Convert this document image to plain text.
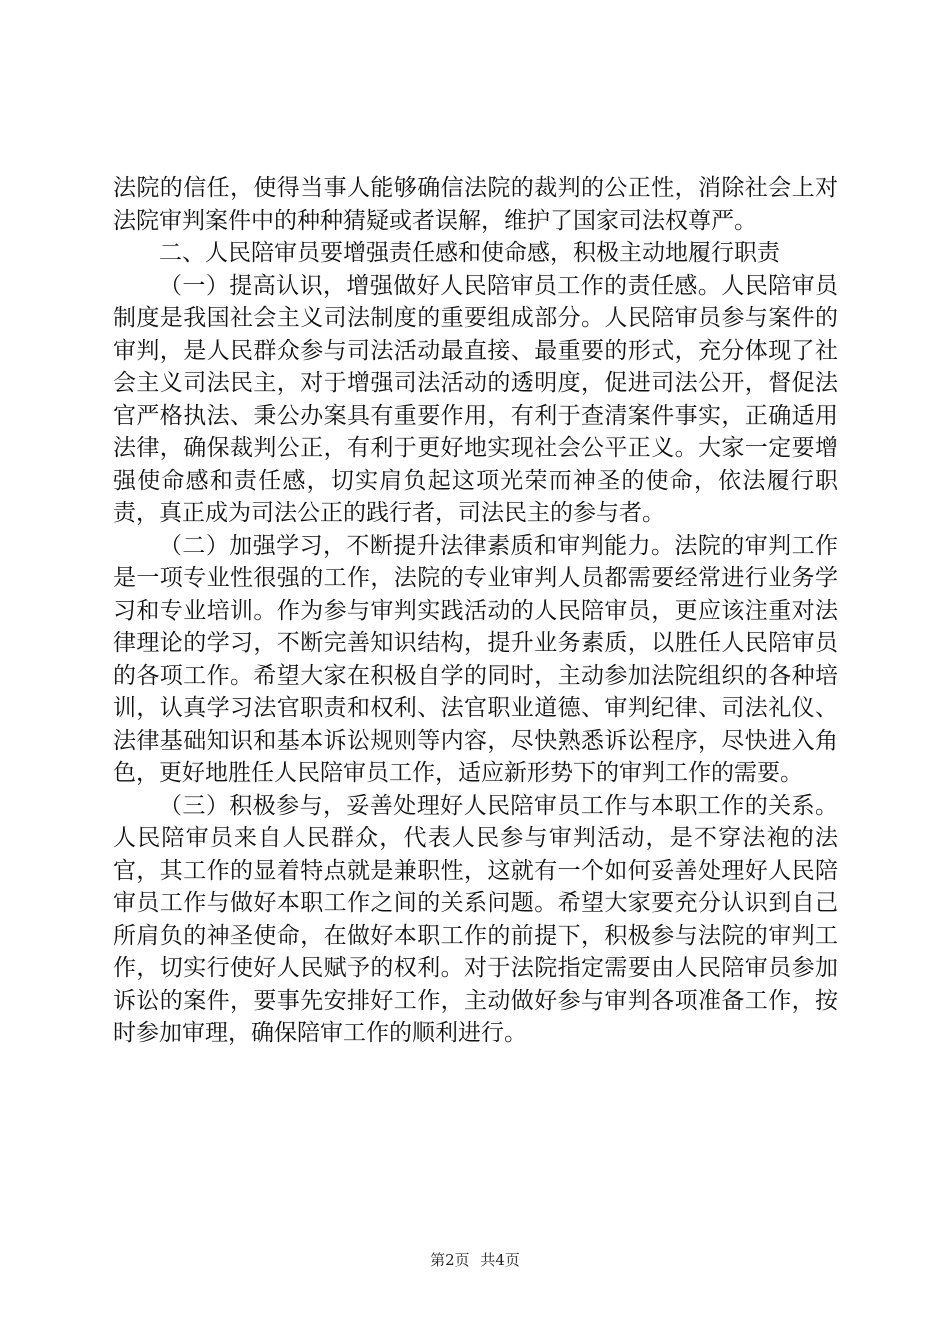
法院的信任，使得当事人能够确信法院的裁判的公正性，消除社会上对法院审判案件中的种种猜疑或者误解，维护了国家司法权尊严。

二、人民陪审员要增强责任感和使命感，积极主动地履行职责

（一）提高认识，增强做好人民陪审员工作的责任感。人民陪审员制度是我国社会主义司法制度的重要组成部分。人民陪审员参与案件的审判，是人民群众参与司法活动最直接、最重要的形式，充分体现了社会主义司法民主，对于增强司法活动的透明度，促进司法公开，督促法官严格执法、秉公办案具有重要作用，有利于查清案件事实，正确适用法律，确保裁判公正，有利于更好地实现社会公平正义。大家一定要增强使命感和责任感，切实肩负起这项光荣而神圣的使命，依法履行职责，真正成为司法公正的践行者，司法民主的参与者。

（二）加强学习，不断提升法律素质和审判能力。法院的审判工作是一项专业性很强的工作，法院的专业审判人员都需要经常进行业务学习和专业培训。作为参与审判实践活动的人民陪审员，更应该注重对法律理论的学习，不断完善知识结构，提升业务素质，以胜任人民陪审员的各项工作。希望大家在积极自学的同时，主动参加法院组织的各种培训，认真学习法官职责和权利、法官职业道德、审判纪律、司法礼仪、法律基础知识和基本诉讼规则等内容，尽快熟悉诉讼程序，尽快进入角色，更好地胜任人民陪审员工作，适应新形势下的审判工作的需要。

（三）积极参与，妥善处理好人民陪审员工作与本职工作的关系。人民陪审员来自人民群众，代表人民参与审判活动，是不穿法袍的法官，其工作的显着特点就是兼职性，这就有一个如何妥善处理好人民陪审员工作与做好本职工作之间的关系问题。希望大家要充分认识到自己所肩负的神圣使命，在做好本职工作的前提下，积极参与法院的审判工作，切实行使好人民赋予的权利。对于法院指定需要由人民陪审员参加诉讼的案件，要事先安排好工作，主动做好参与审判各项准备工作，按时参加审理，确保陪审工作的顺利进行。

第2页 共4页
